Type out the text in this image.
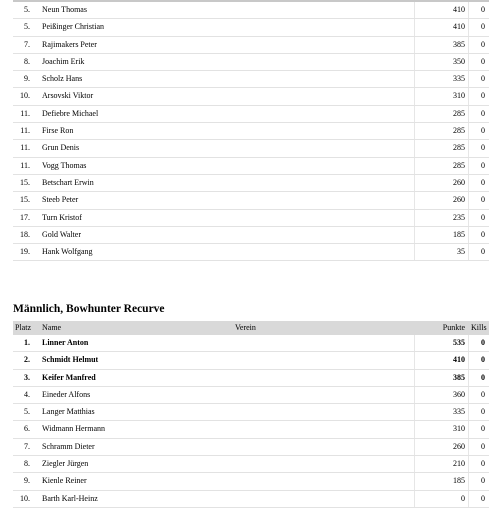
5. Neun Thomas	410	0
5. Peißinger Christian	410	0
7. Rajimakers Peter	385	0
8. Joachim Erik	350	0
9. Scholz Hans	335	0
10. Arsovski Viktor	310	0
11. Defiebre Michael	285	0
11. Firse Ron	285	0
11. Grun Denis	285	0
11. Vogg Thomas	285	0
15. Betschart Erwin	260	0
15. Steeb Peter	260	0
17. Turn Kristof	235	0
18. Gold Walter	185	0
19. Hank Wolfgang	35	0
Männlich, Bowhunter Recurve
Platz Name	Verein	Punkte Kills
1. Linner Anton	535	0
2. Schmidt Helmut	410	0
3. Keifer Manfred	385	0
4. Eineder Alfons	360	0
5. Langer Matthias	335	0
6. Widmann Hermann	310	0
7. Schramm Dieter	260	0
8. Ziegler Jürgen	210	0
9. Kienle Reiner	185	0
10. Barth Karl-Heinz	0	0
